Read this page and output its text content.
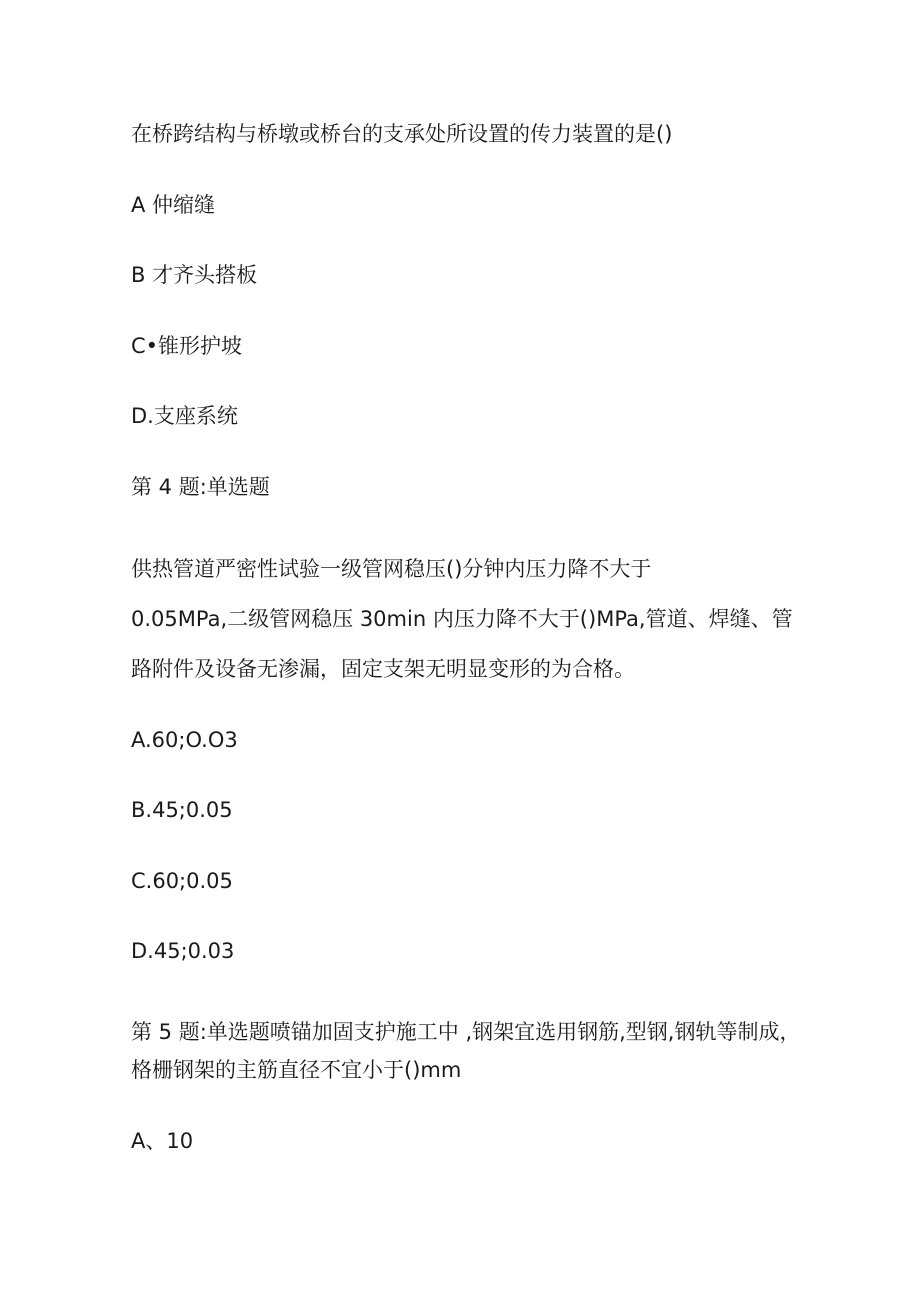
在桥跨结构与桥墩或桥台的支承处所设置的传力装置的是()
A 仲缩缝
B 才齐头搭板
C•锥形护坡
D.支座系统
第 4 题:单选题
供热管道严密性试验一级管网稳压()分钟内压力降不大于
0.05MPa,二级管网稳压 30min 内压力降不大于()MPa,管道、焊缝、管
路附件及设备无渗漏，固定支架无明显变形的为合格。
A.60;O.O3
B.45;0.05
C.60;0.05
D.45;0.03
第 5 题:单选题喷锚加固支护施工中 ,钢架宜选用钢筋,型钢,钢轨等制成，
格栅钢架的主筋直径不宜小于()mm
A、10
